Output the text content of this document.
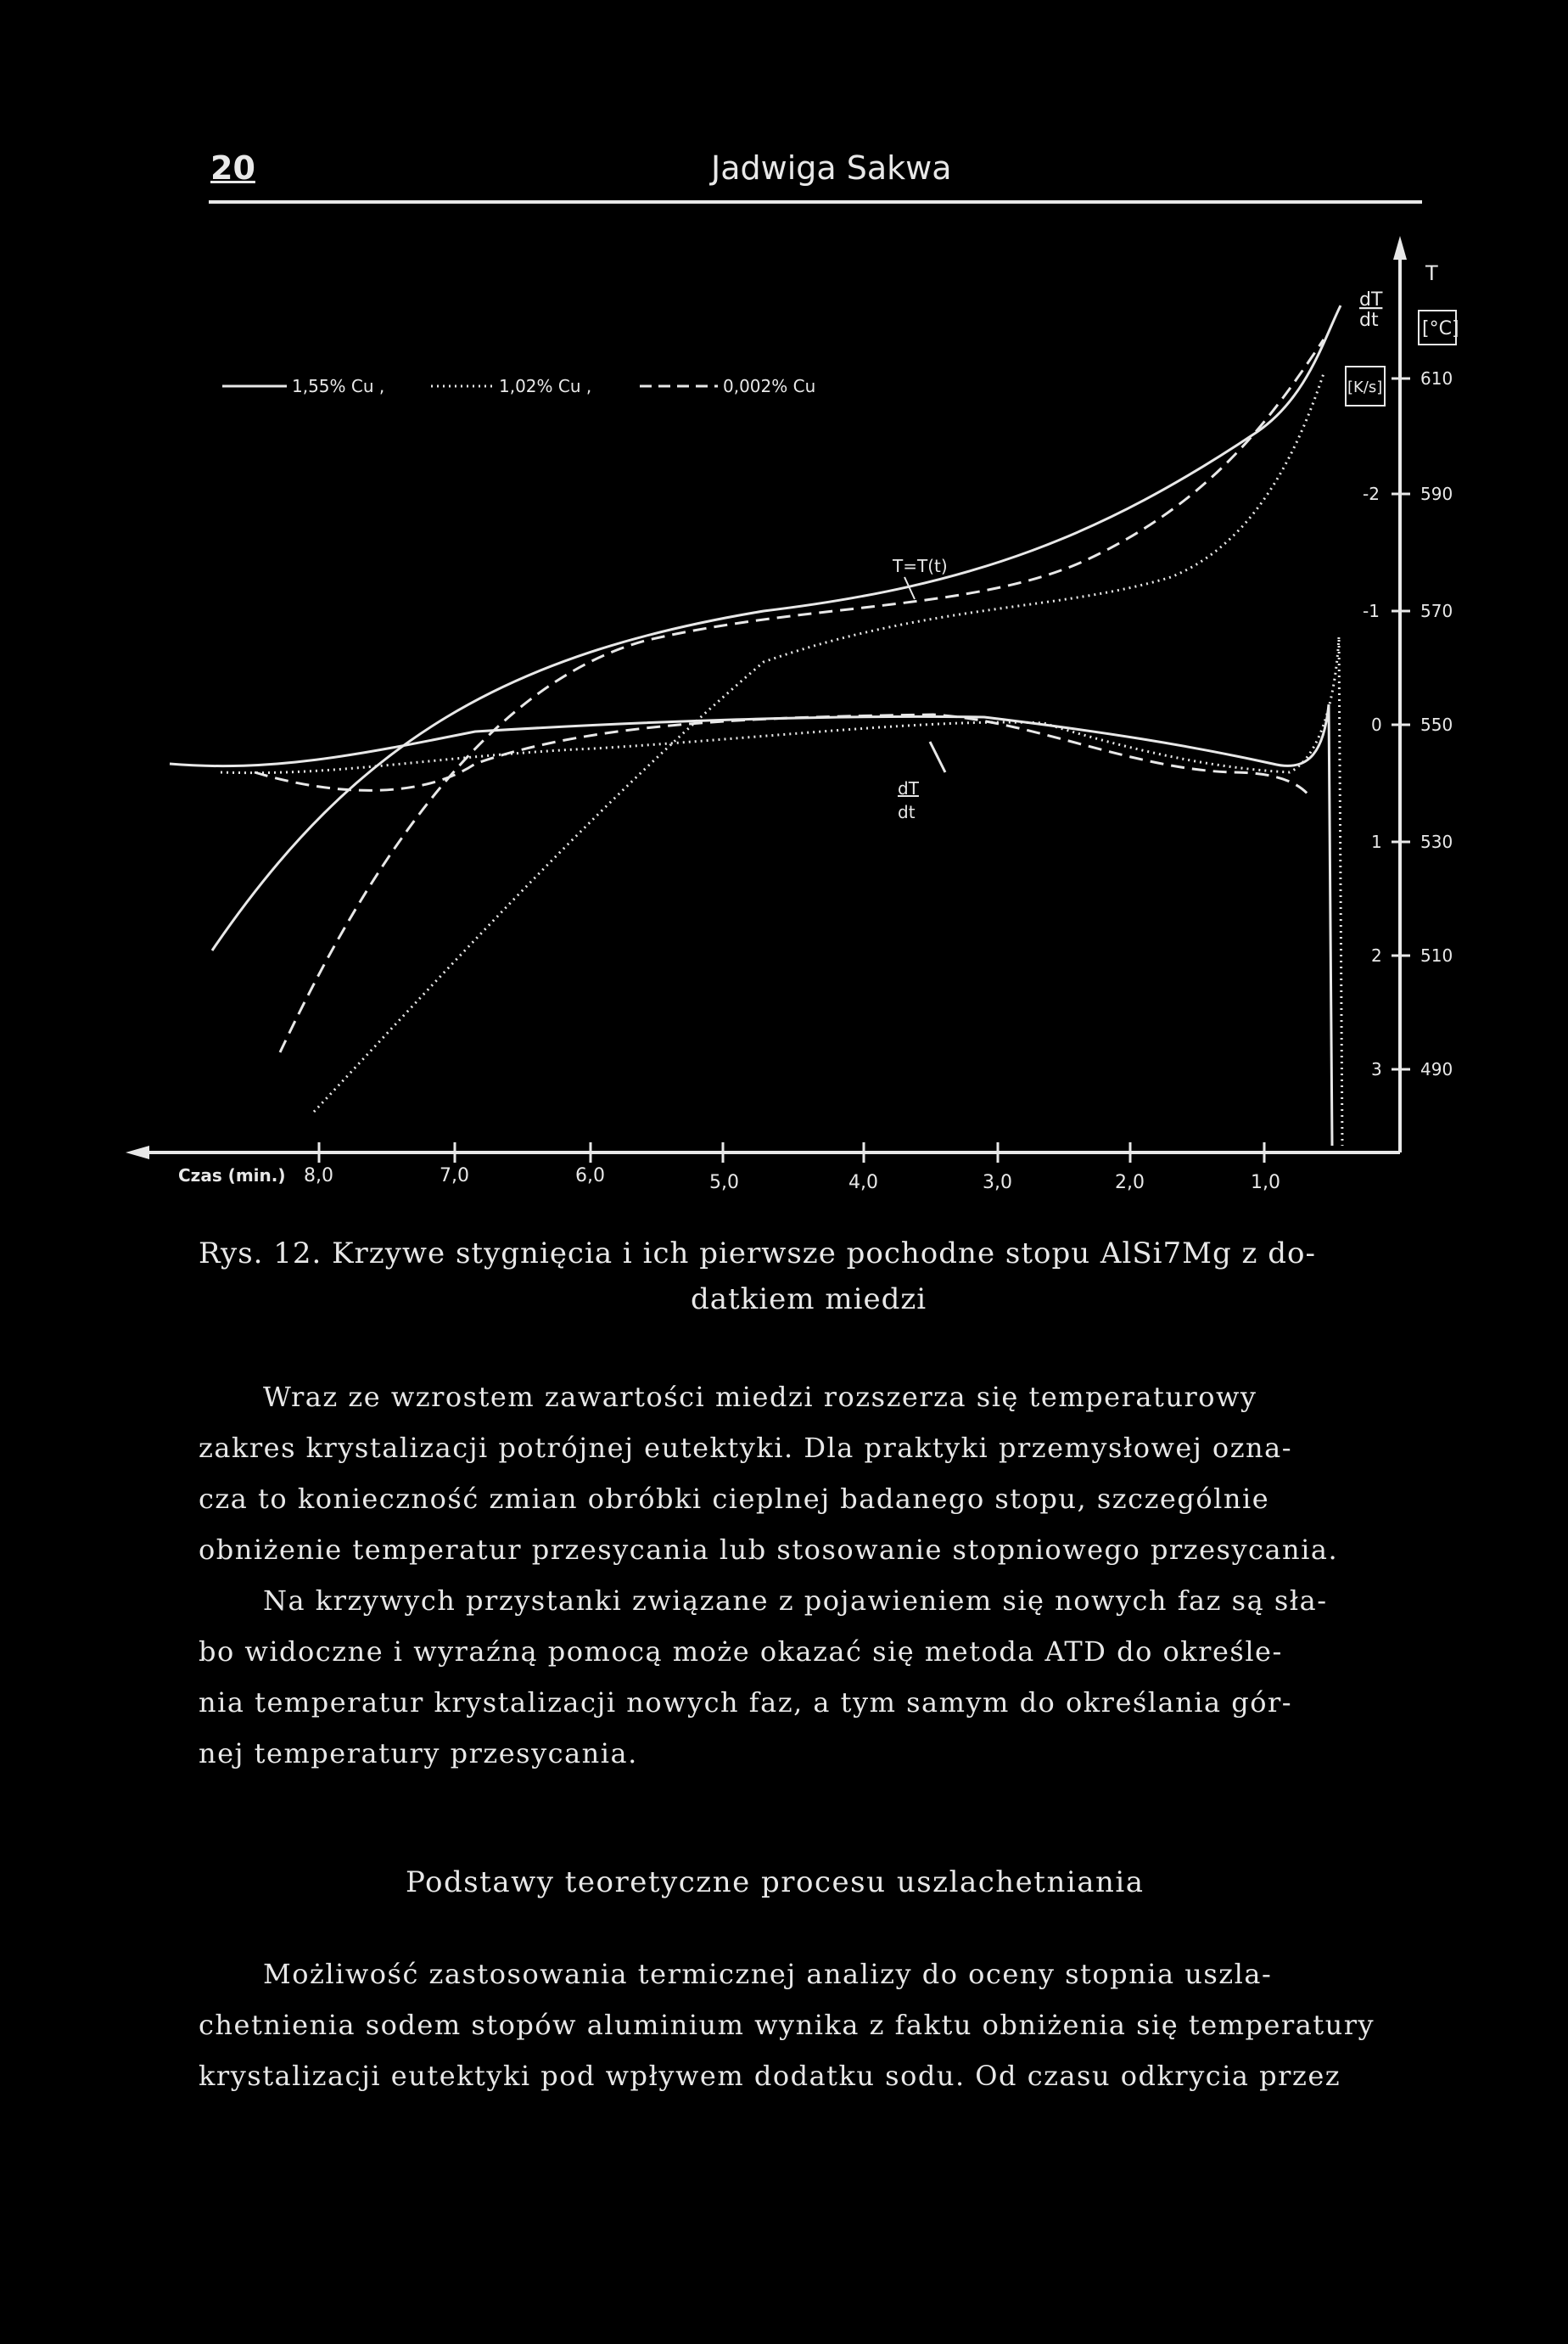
20	Jadwiga Sakwa
Czas (min.) 8,0	7,0	6,0	5,0	4,0	3,0	2,0	1,0
610
590
570
550
530
510
490
-2
-1
0
1
2
3
T
[°C]
dT
dt
[K/s]
1,55% Cu ,	1,02% Cu ,	0,002% Cu
T=T(t)
dT
dt
Rys. 12. Krzywe stygnięcia i ich pierwsze pochodne stopu AlSi7Mg z do-
datkiem miedzi
Wraz ze wzrostem zawartości miedzi rozszerza się temperaturowy
zakres krystalizacji potrójnej eutektyki. Dla praktyki przemysłowej ozna-
cza to konieczność zmian obróbki cieplnej badanego stopu, szczególnie
obniżenie temperatur przesycania lub stosowanie stopniowego przesycania.
Na krzywych przystanki związane z pojawieniem się nowych faz są sła-
bo widoczne i wyraźną pomocą może okazać się metoda ATD do określe-
nia temperatur krystalizacji nowych faz, a tym samym do określania gór-
nej temperatury przesycania.
Podstawy teoretyczne procesu uszlachetniania
Możliwość zastosowania termicznej analizy do oceny stopnia uszla-
chetnienia sodem stopów aluminium wynika z faktu obniżenia się temperatury
krystalizacji eutektyki pod wpływem dodatku sodu. Od czasu odkrycia przez
